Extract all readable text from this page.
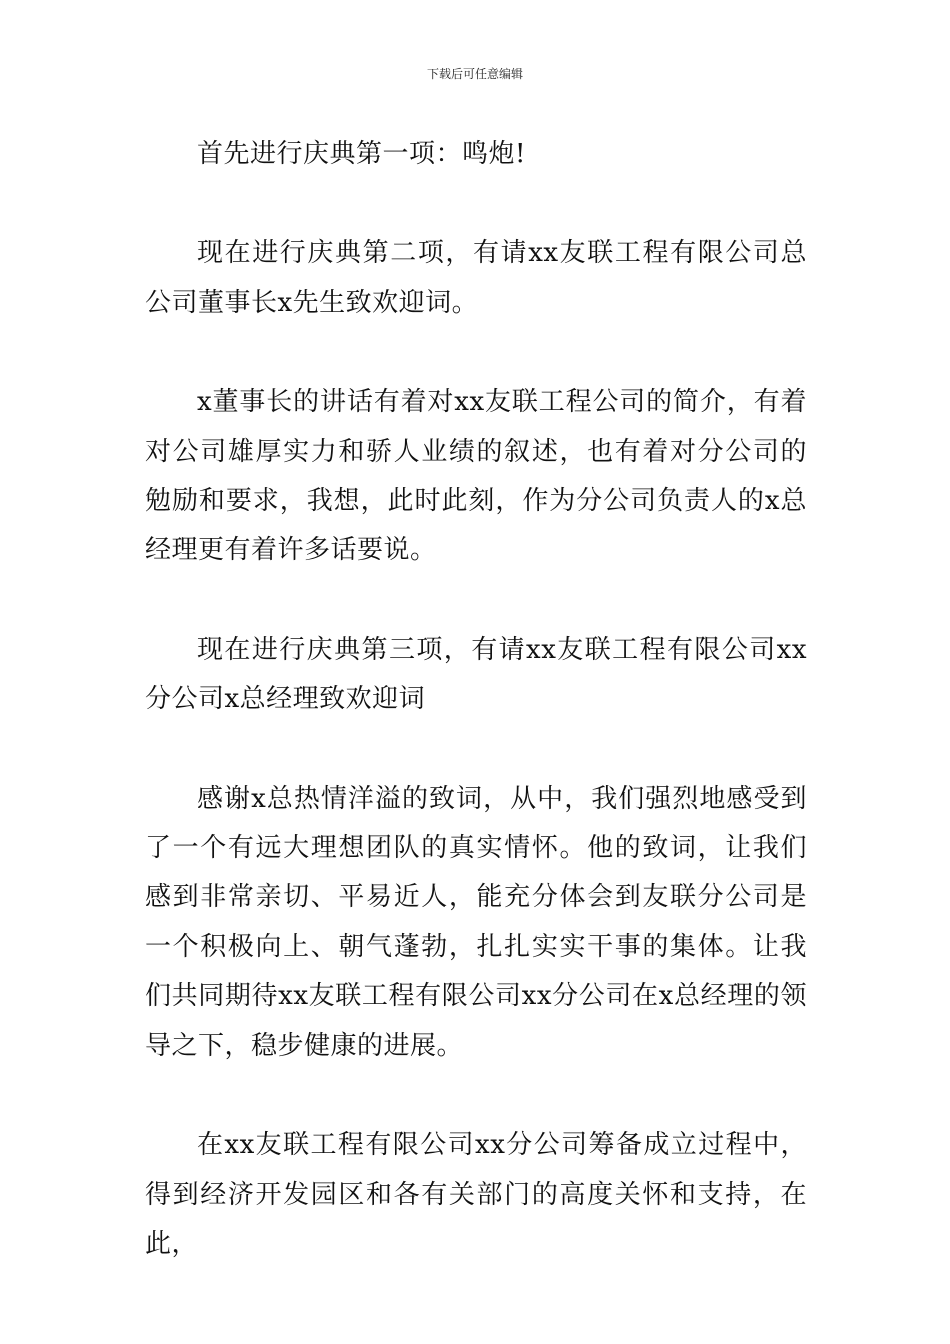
下载后可任意编辑

首先进行庆典第一项：鸣炮!

现在进行庆典第二项，有请xx友联工程有限公司总公司董事长x先生致欢迎词。

x董事长的讲话有着对xx友联工程公司的简介，有着对公司雄厚实力和骄人业绩的叙述，也有着对分公司的勉励和要求，我想，此时此刻，作为分公司负责人的x总经理更有着许多话要说。

现在进行庆典第三项，有请xx友联工程有限公司xx分公司x总经理致欢迎词

感谢x总热情洋溢的致词，从中，我们强烈地感受到了一个有远大理想团队的真实情怀。他的致词，让我们感到非常亲切、平易近人，能充分体会到友联分公司是一个积极向上、朝气蓬勃，扎扎实实干事的集体。让我们共同期待xx友联工程有限公司xx分公司在x总经理的领导之下，稳步健康的进展。

在xx友联工程有限公司xx分公司筹备成立过程中，得到经济开发园区和各有关部门的高度关怀和支持，在此，
